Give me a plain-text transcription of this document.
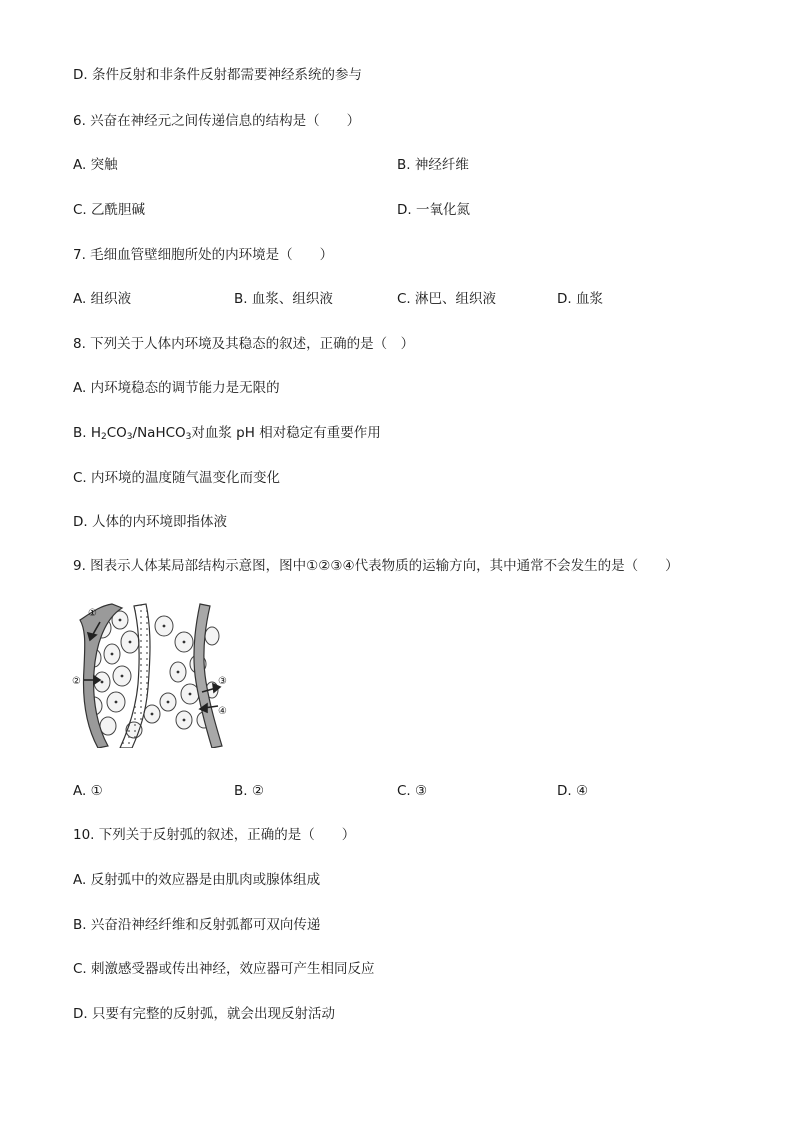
D. 条件反射和非条件反射都需要神经系统的参与
6. 兴奋在神经元之间传递信息的结构是（　　）
A. 突触	B. 神经纤维
C. 乙酰胆碱	D. 一氧化氮
7. 毛细血管壁细胞所处的内环境是（　　）
A. 组织液	B. 血浆、组织液	C. 淋巴、组织液	D. 血浆
8. 下列关于人体内环境及其稳态的叙述，正确的是（　）
A. 内环境稳态的调节能力是无限的
B. $H_2CO_3/NaHCO_3$对血浆 pH 相对稳定有重要作用
C. 内环境的温度随气温变化而变化
D. 人体的内环境即指体液
9. 图表示人体某局部结构示意图，图中①②③④代表物质的运输方向，其中通常不会发生的是（　　）
①
②	③
④
A. ①	B. ②	C. ③	D. ④
10. 下列关于反射弧的叙述，正确的是（　　）
A. 反射弧中的效应器是由肌肉或腺体组成
B. 兴奋沿神经纤维和反射弧都可双向传递
C. 刺激感受器或传出神经，效应器可产生相同反应
D. 只要有完整的反射弧，就会出现反射活动
